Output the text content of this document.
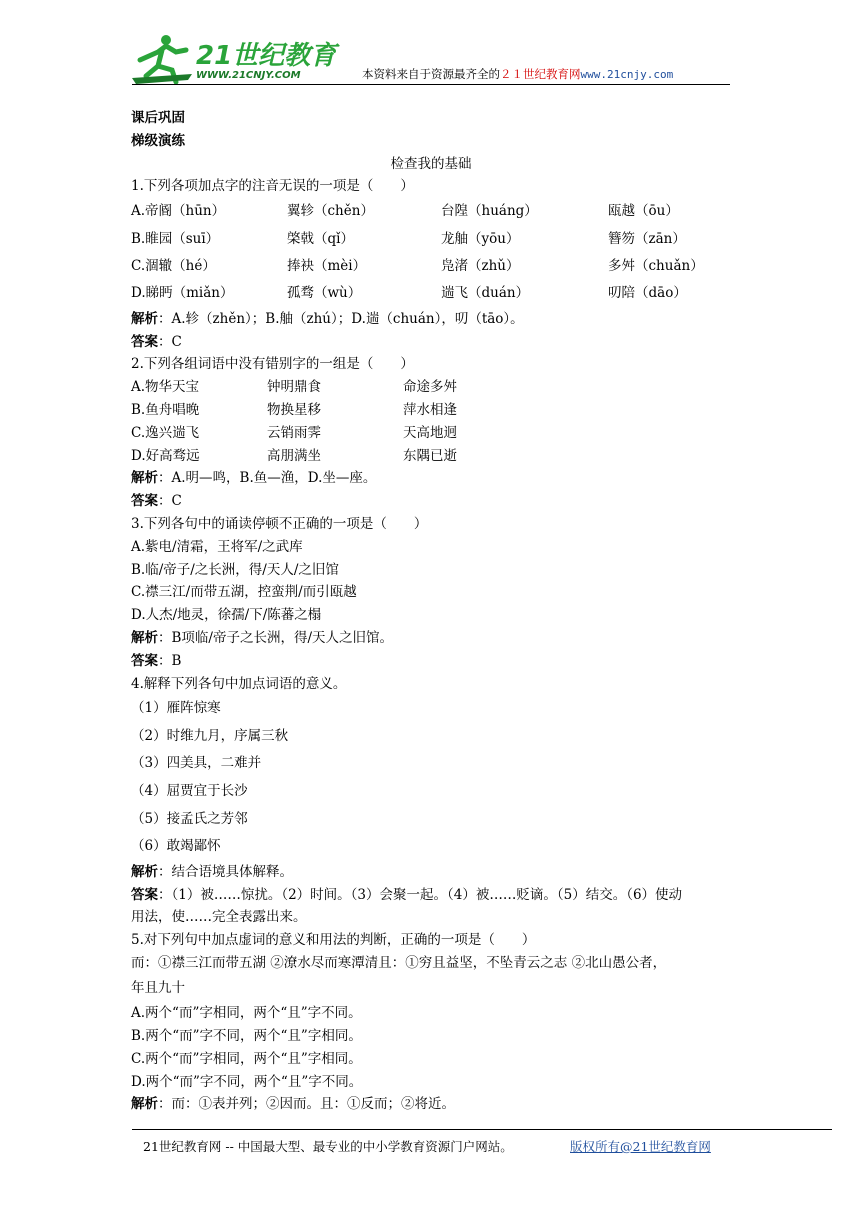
21世纪教育
WWW.21CNJY.COM	本资料来自于资源最齐全的２１世纪教育网www.21cnjy.com
课后巩固
梯级演练
检查我的基础
1.下列各项加点字的注音无误的一项是（　　）
A.帝阍（hūn）	翼轸（chěn）	台隍（huáng）	瓯越（ōu）
B.睢园（suī）	棨戟（qǐ）	龙舳（yōu）	簪笏（zān）
C.涸辙（hé）	捧袂（mèi）	凫渚（zhǔ）	多舛（chuǎn）
D.睇眄（miǎn）	孤骛（wù）	遄飞（duán）	叨陪（dāo）
解析：A.轸（zhěn）；B.舳（zhú）；D.遄（chuán），叨（tāo）。
答案：C
2.下列各组词语中没有错别字的一组是（　　）
A.物华天宝	钟明鼎食	命途多舛
B.鱼舟唱晚	物换星移	萍水相逢
C.逸兴遄飞	云销雨霁	天高地迥
D.好高骛远	高朋满坐	东隅已逝
解析：A.明—鸣，B.鱼—渔，D.坐—座。
答案：C
3.下列各句中的诵读停顿不正确的一项是（　　）
A.紫电/清霜，王将军/之武库
B.临/帝子/之长洲，得/天人/之旧馆
C.襟三江/而带五湖，控蛮荆/而引瓯越
D.人杰/地灵，徐孺/下/陈蕃之榻
解析：B项临/帝子之长洲，得/天人之旧馆。
答案：B
4.解释下列各句中加点词语的意义。
（1）雁阵惊寒
（2）时维九月，序属三秋
（3）四美具，二难并
（4）屈贾宜于长沙
（5）接孟氏之芳邻
（6）敢竭鄙怀
解析：结合语境具体解释。
答案：（1）被……惊扰。（2）时间。（3）会聚一起。（4）被……贬谪。（5）结交。（6）使动
用法，使……完全表露出来。
5.对下列句中加点虚词的意义和用法的判断，正确的一项是（　　）
而：①襟三江而带五湖 ②潦水尽而寒潭清且：①穷且益坚，不坠青云之志 ②北山愚公者，
年且九十
A.两个“而”字相同，两个“且”字不同。
B.两个“而”字不同，两个“且”字相同。
C.两个“而”字相同，两个“且”字相同。
D.两个“而”字不同，两个“且”字不同。
解析：而：①表并列；②因而。且：①反而；②将近。
21世纪教育网 -- 中国最大型、最专业的中小学教育资源门户网站。	版权所有@21世纪教育网
